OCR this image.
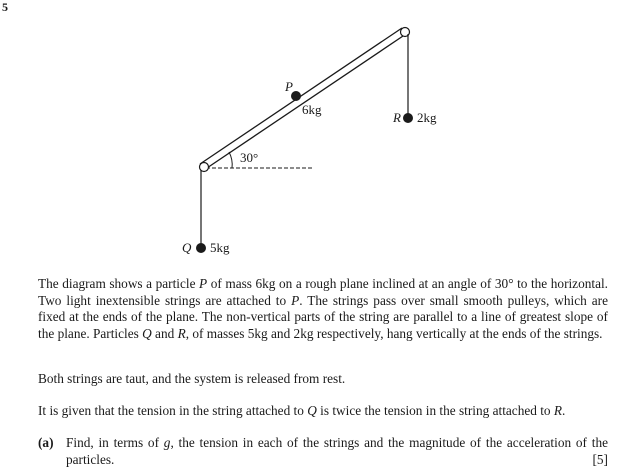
5
P
6kg
R 2kg
Q 5kg
30°

The diagram shows a particle P of mass 6kg on a rough plane inclined at an angle of 30° to the horizontal. Two light inextensible strings are attached to P. The strings pass over small smooth pulleys, which are fixed at the ends of the plane. The non-vertical parts of the string are parallel to a line of greatest slope of the plane. Particles Q and R, of masses 5kg and 2kg respectively, hang vertically at the ends of the strings.

Both strings are taut, and the system is released from rest.

It is given that the tension in the string attached to Q is twice the tension in the string attached to R.

(a) Find, in terms of g, the tension in each of the strings and the magnitude of the acceleration of the particles.	[5]
